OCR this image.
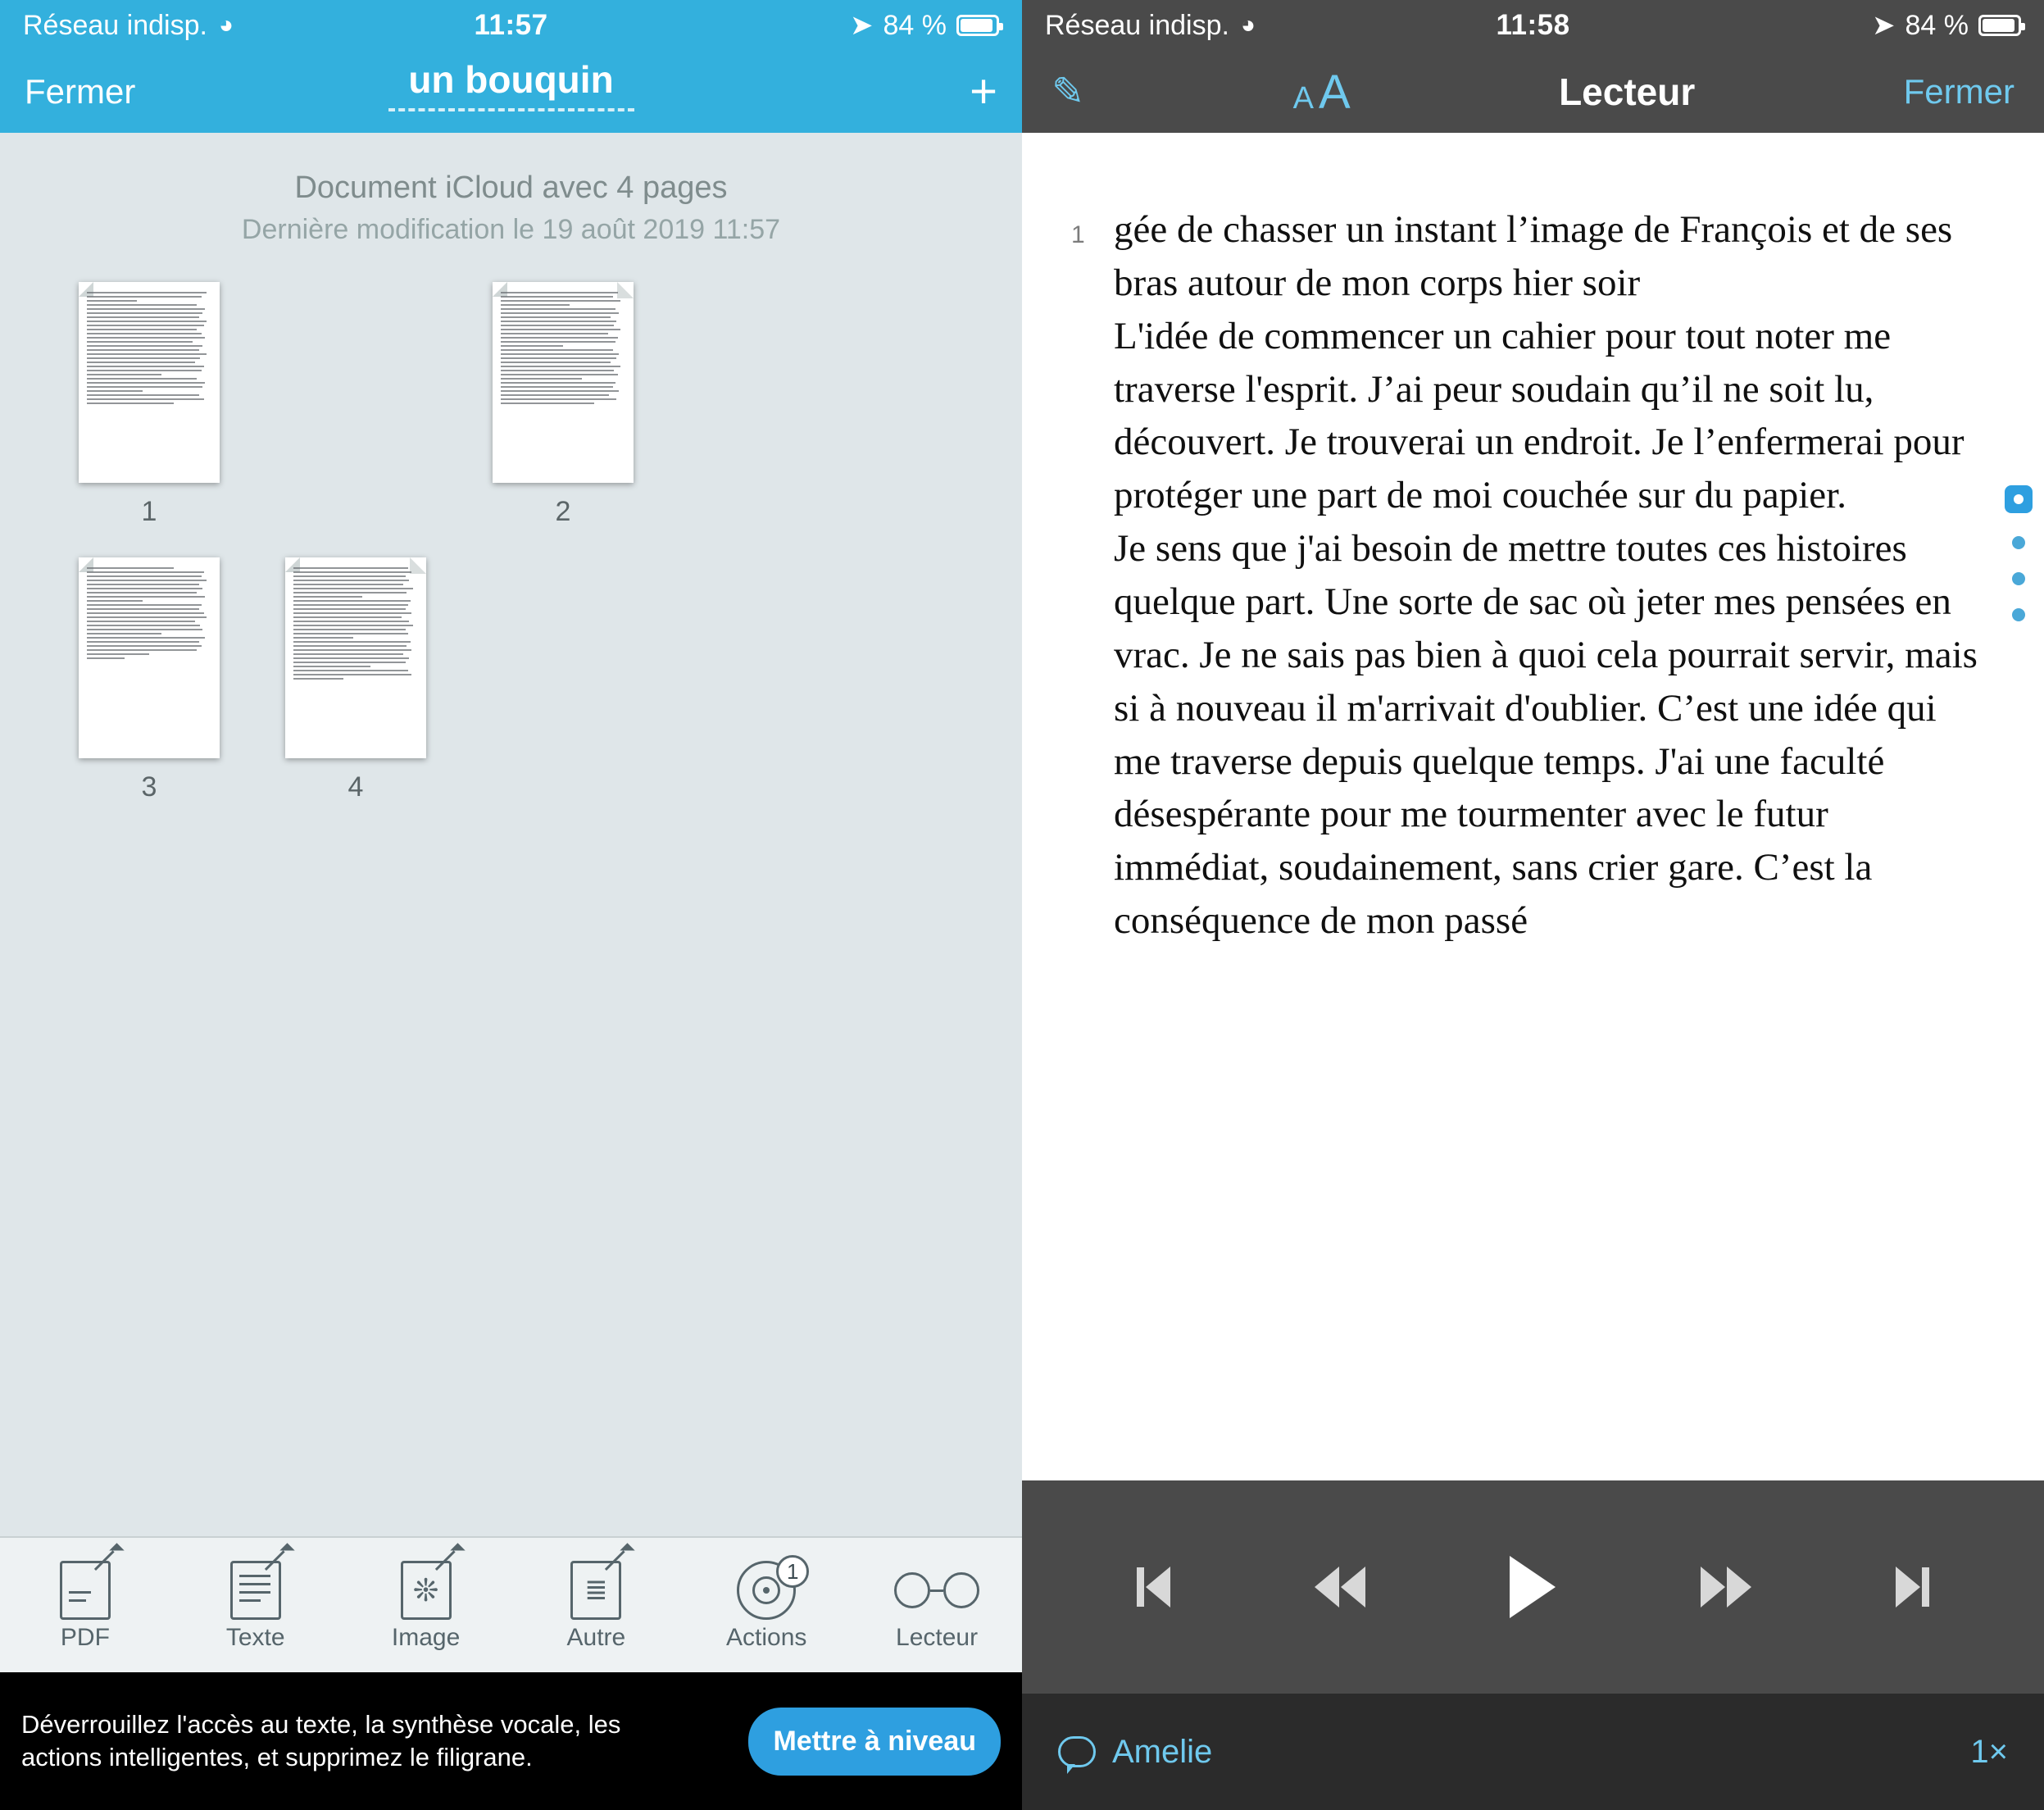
Réseau indisp. ◕	11:57	➤ 84 %
Fermer	un bouquin	+
Document iCloud avec 4 pages
Dernière modification le 19 août 2019 11:57
1	2
3	4
PDF	Texte
❊
Image
≣
Autre
1
Actions	Lecteur
Déverrouillez l'accès au texte, la synthèse vocale, les actions intelligentes, et supprimez le filigrane.
Mettre à niveau
Réseau indisp. ◕	11:58	➤ 84 %
✎	A A	Lecteur	Fermer
1 gée de chasser un instant l’image de François et de ses bras autour de mon corps hier soir

L'idée de commencer un cahier pour tout noter me traverse l'esprit. J’ai peur soudain qu’il ne soit lu, découvert. Je trouverai un endroit. Je l’enfermerai pour protéger une part de moi couchée sur du papier.

Je sens que j'ai besoin de mettre toutes ces histoires quelque part. Une sorte de sac où jeter mes pensées en vrac. Je ne sais pas bien à quoi cela pourrait servir, mais si à nouveau il m'arrivait d'oublier. C’est une idée qui me traverse depuis quelque temps. J'ai une faculté désespérante pour me tourmenter avec le futur immédiat, soudainement, sans crier gare. C’est la conséquence de mon passé

Amelie	1×
